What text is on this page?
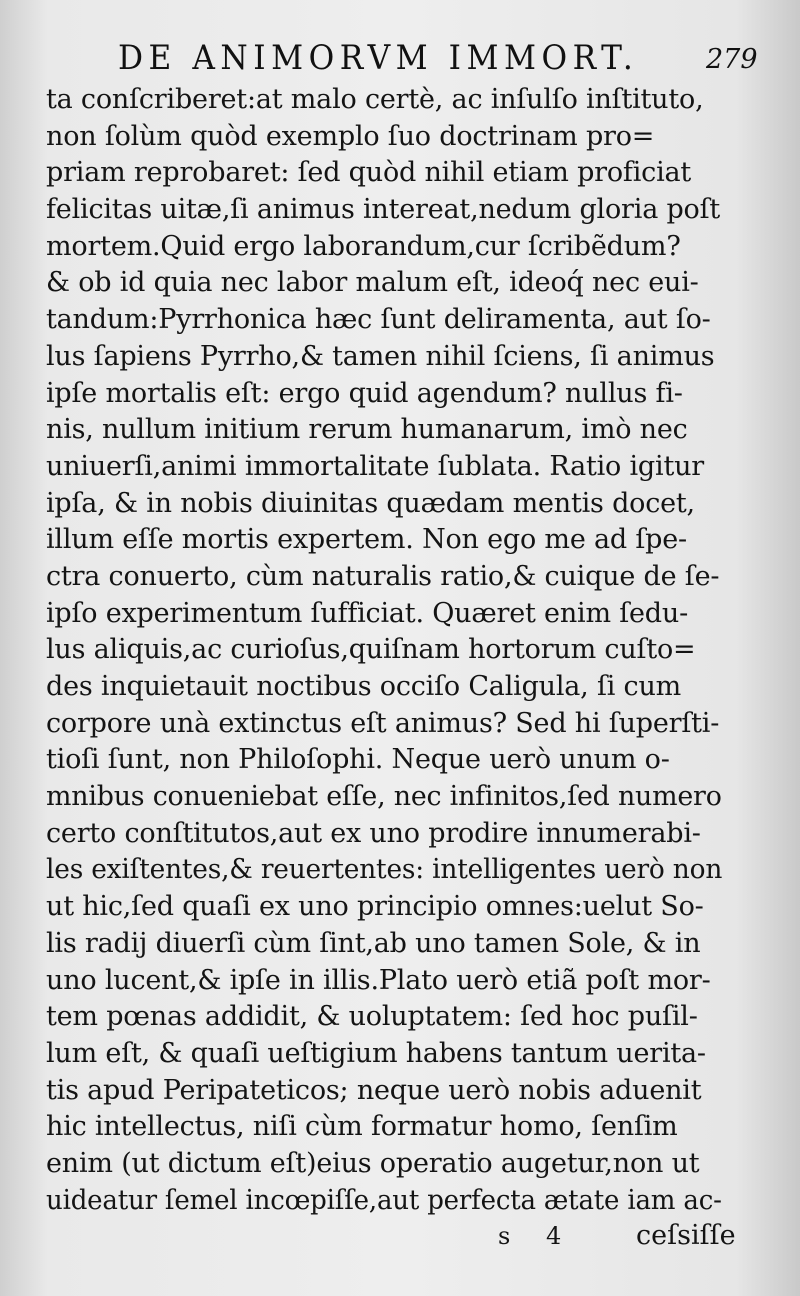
DE ANIMORVM IMMORT.	279
ta conſcriberet:at malo certè, ac inſulſo inſtituto,
non ſolùm quòd exemplo ſuo doctrinam pro=
priam reprobaret: ſed quòd nihil etiam proficiat
felicitas uitæ,ſi animus intereat,nedum gloria poſt
mortem.Quid ergo laborandum,cur ſcribẽdum?
& ob id quia nec labor malum eſt, ideoq́ nec eui-
tandum:Pyrrhonica hæc ſunt deliramenta, aut ſo-
lus ſapiens Pyrrho,& tamen nihil ſciens, ſi animus
ipſe mortalis eſt: ergo quid agendum? nullus fi-
nis, nullum initium rerum humanarum, imò nec
uniuerſi,animi immortalitate ſublata. Ratio igitur
ipſa, & in nobis diuinitas quædam mentis docet,
illum eſſe mortis expertem. Non ego me ad ſpe-
ctra conuerto, cùm naturalis ratio,& cuique de ſe-
ipſo experimentum ſufficiat. Quæret enim ſedu-
lus aliquis,ac curioſus,quiſnam hortorum cuſto=
des inquietauit noctibus occiſo Caligula, ſi cum
corpore unà extinctus eſt animus? Sed hi ſuperſti-
tioſi ſunt, non Philoſophi. Neque uerò unum o-
mnibus conueniebat eſſe, nec infinitos,ſed numero
certo conſtitutos,aut ex uno prodire innumerabi-
les exiſtentes,& reuertentes: intelligentes uerò non
ut hic,ſed quaſi ex uno principio omnes:uelut So-
lis radij diuerſi cùm ſint,ab uno tamen Sole, & in
uno lucent,& ipſe in illis.Plato uerò etiã poſt mor-
tem pœnas addidit, & uoluptatem: ſed hoc puſil-
lum eſt, & quaſi ueſtigium habens tantum uerita-
tis apud Peripateticos; neque uerò nobis aduenit
hic intellectus, niſi cùm formatur homo, ſenſim
enim (ut dictum eſt)eius operatio augetur,non ut
uideatur ſemel incœpiſſe,aut perfecta ætate iam ac-
s 4 ceſsiſſe
